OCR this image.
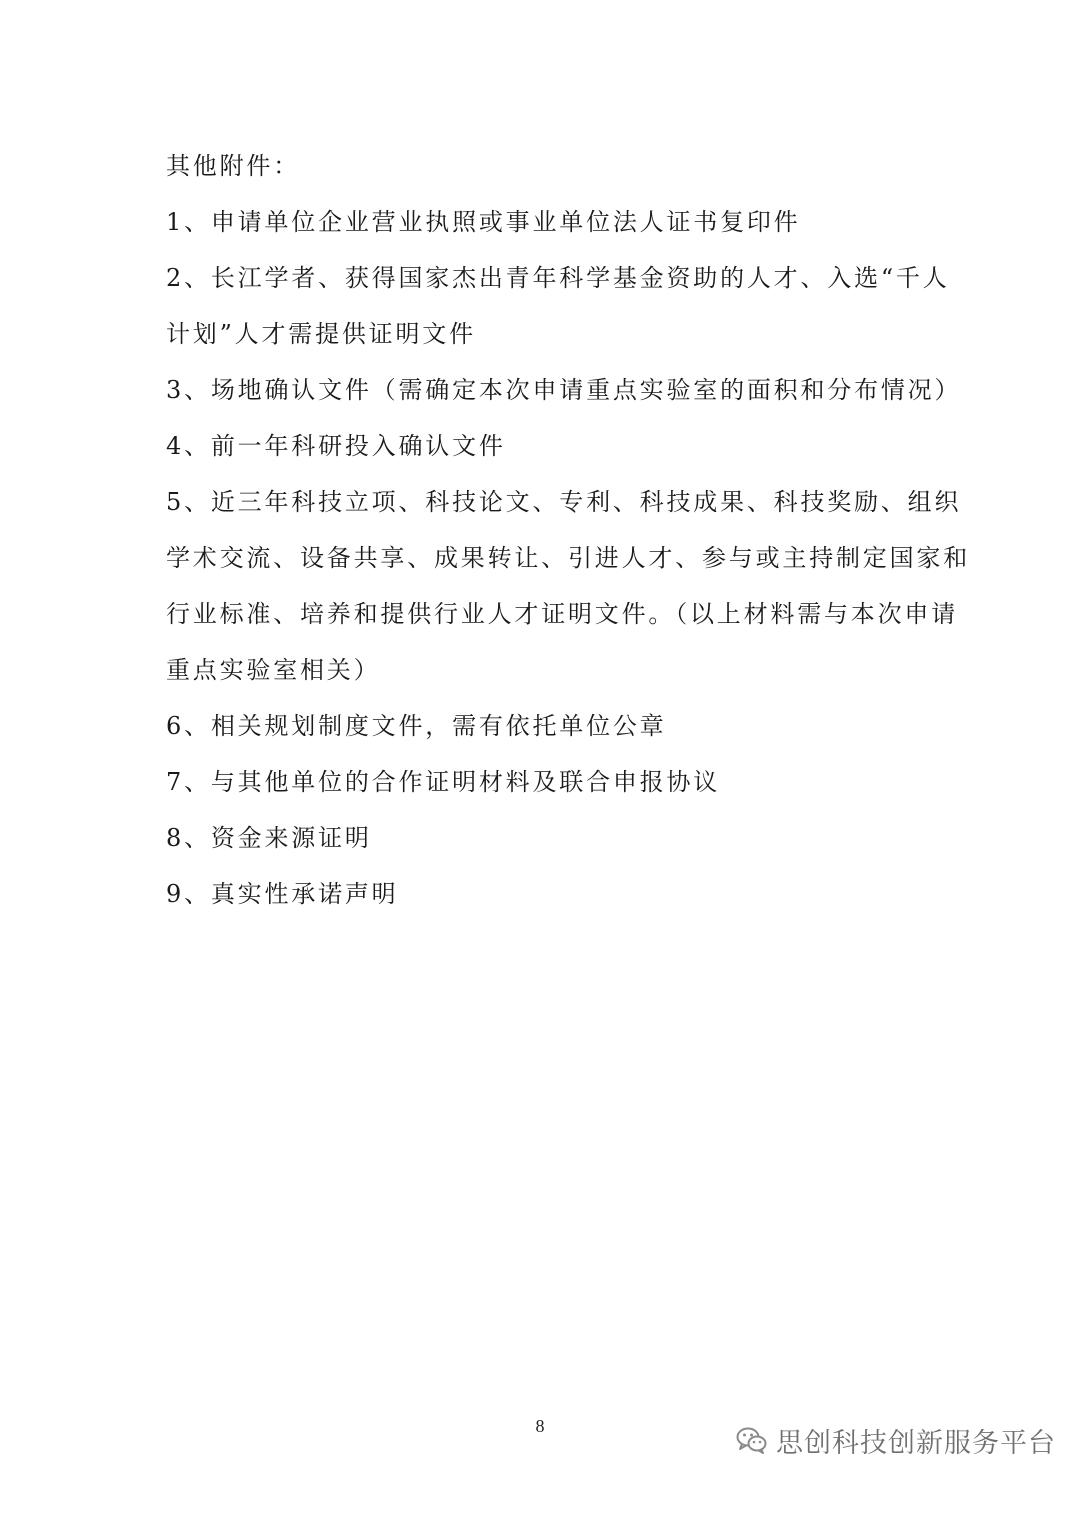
其他附件：

1、申请单位企业营业执照或事业单位法人证书复印件

2、长江学者、获得国家杰出青年科学基金资助的人才、入选“千人

计划”人才需提供证明文件

3、场地确认文件（需确定本次申请重点实验室的面积和分布情况）

4、前一年科研投入确认文件

5、近三年科技立项、科技论文、专利、科技成果、科技奖励、组织

学术交流、设备共享、成果转让、引进人才、参与或主持制定国家和

行业标准、培养和提供行业人才证明文件。（以上材料需与本次申请

重点实验室相关）

6、相关规划制度文件，需有依托单位公章

7、与其他单位的合作证明材料及联合申报协议

8、资金来源证明

9、真实性承诺声明

8
思创科技创新服务平台
